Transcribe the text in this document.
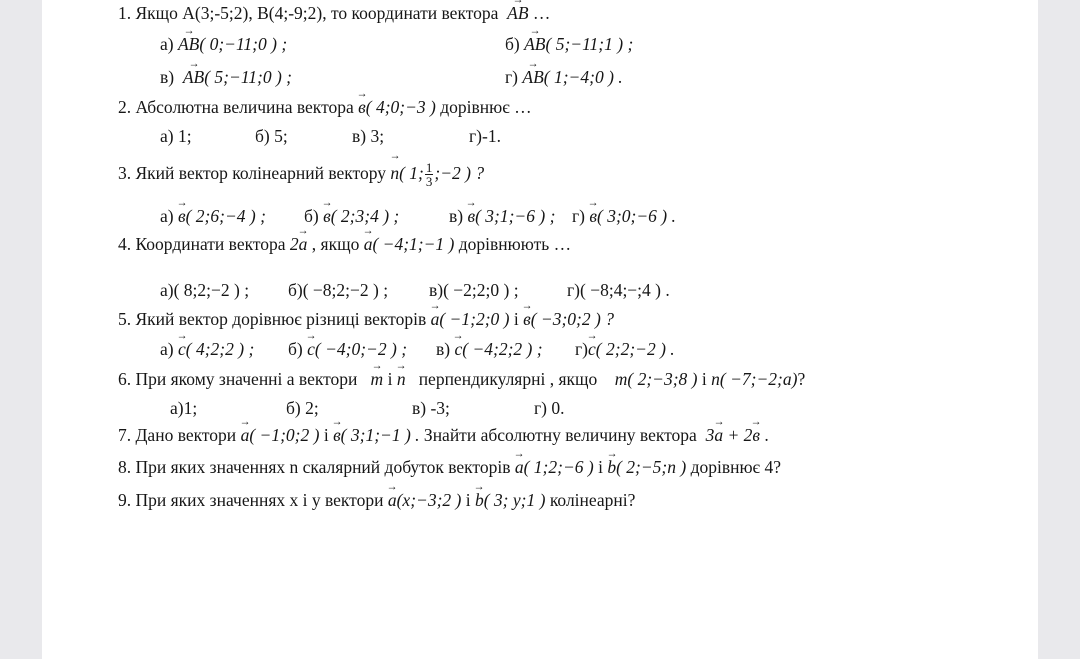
1. Якщо A(3;-5;2), B(4;-9;2), то координати вектора → AB …
а) → AB( 0;−11;0 ) ;	б) → AB( 5;−11;1 ) ;
в) → AB( 5;−11;0 ) ;	г) → AB( 1;−4;0 ) .
2. Абсолютна величина вектора → в( 4;0;−3 ) дорівнює …
а) 1;	б) 5;	в) 3;	г)-1.
3. Який вектор колінеарний вектору → n( 1; $\frac{1}{3}$ ;−2 ) ?
а) → в( 2;6;−4 ) ; б) → в( 2;3;4 ) ;	в) → в( 3;1;−6 ) ; г) → в( 3;0;−6 ) .
4. Координати вектора 2→ a , якщо → a( −4;1;−1 ) дорівнюють …
а)( 8;2;−2 ) ; б)( −8;2;−2 ) ; в)( −2;2;0 ) ;	г)( −8;4;−;4 ) .
5. Який вектор дорівнює різниці векторів → a( −1;2;0 ) і → в( −3;0;2 ) ?
а) → c( 4;2;2 ) ; б) → c( −4;0;−2 ) ; в) → c( −4;2;2 ) ; г)→ c( 2;2;−2 ) .
6. При якому значенні а вектори → m і → n перпендикулярні , якщо m( 2;−3;8 ) і n( −7;−2;a)?
а)1;	б) 2;	в) -3;	г) 0.
7. Дано вектори → a( −1;0;2 ) і → в( 3;1;−1 ) . Знайти абсолютну величину вектора 3→ a + 2→ в .
8. При яких значеннях n скалярний добуток векторів → a( 1;2;−6 ) і → b( 2;−5;n ) дорівнює 4?
9. При яких значеннях x і y вектори → a(x;−3;2 ) і → b( 3; y;1 ) колінеарні?
